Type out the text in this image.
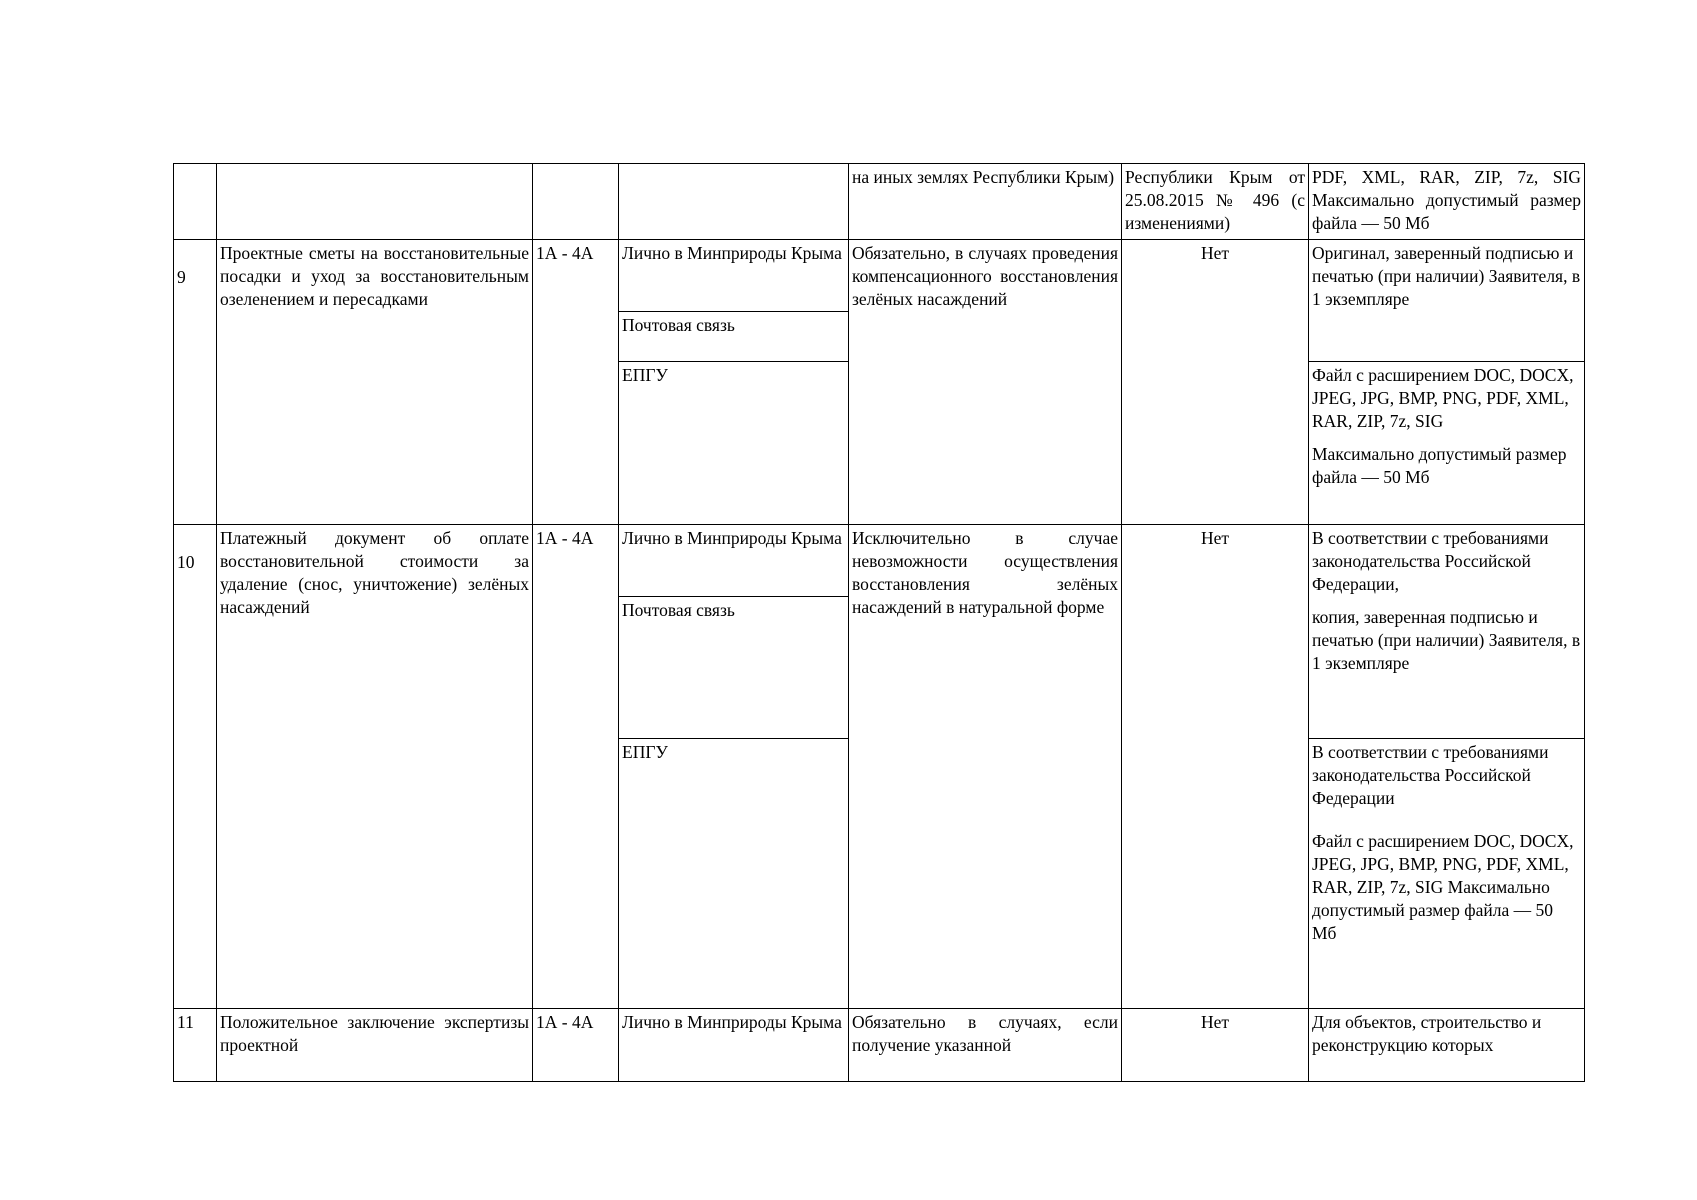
				на иных землях Республики Крым)	Республики Крым от 25.08.2015 № 496 (с изменениями)	PDF, XML, RAR, ZIP, 7z, SIG Максимально допустимый размер файла — 50 Мб
9	Проектные сметы на восстановительные посадки и уход за восстановительным озеленением и пересадками	1А - 4А	Лично в Минприроды Крыма	Обязательно, в случаях проведения компенсационного восстановления зелёных насаждений	Нет	Оригинал, заверенный подписью и печатью (при наличии) Заявителя, в 1 экземпляре
			Почтовая связь			
			ЕПГУ			Файл с расширением DOC, DOCX, JPEG, JPG, BMP, PNG, PDF, XML, RAR, ZIP, 7z, SIG
Максимально допустимый размер файла — 50 Мб

10	Платежный документ об оплате восстановительной стоимости за удаление (снос, уничтожение) зелёных насаждений	1А - 4А	Лично в Минприроды Крыма	Исключительно в случае невозможности осуществления восстановления зелёных насаждений в натуральной форме	Нет	В соответствии с требованиями законодательства Российской Федерации,
копия, заверенная подписью и печатью (при наличии) Заявителя, в 1 экземпляре

			Почтовая связь			
			ЕПГУ			В соответствии с требованиями законодательства Российской Федерации
Файл с расширением DOC, DOCX, JPEG, JPG, BMP, PNG, PDF, XML, RAR, ZIP, 7z, SIG Максимально допустимый размер файла — 50 Мб

11	Положительное заключение экспертизы проектной	1А - 4А	Лично в Минприроды Крыма	Обязательно в случаях, если получение указанной	Нет	Для объектов, строительство и реконструкцию которых
